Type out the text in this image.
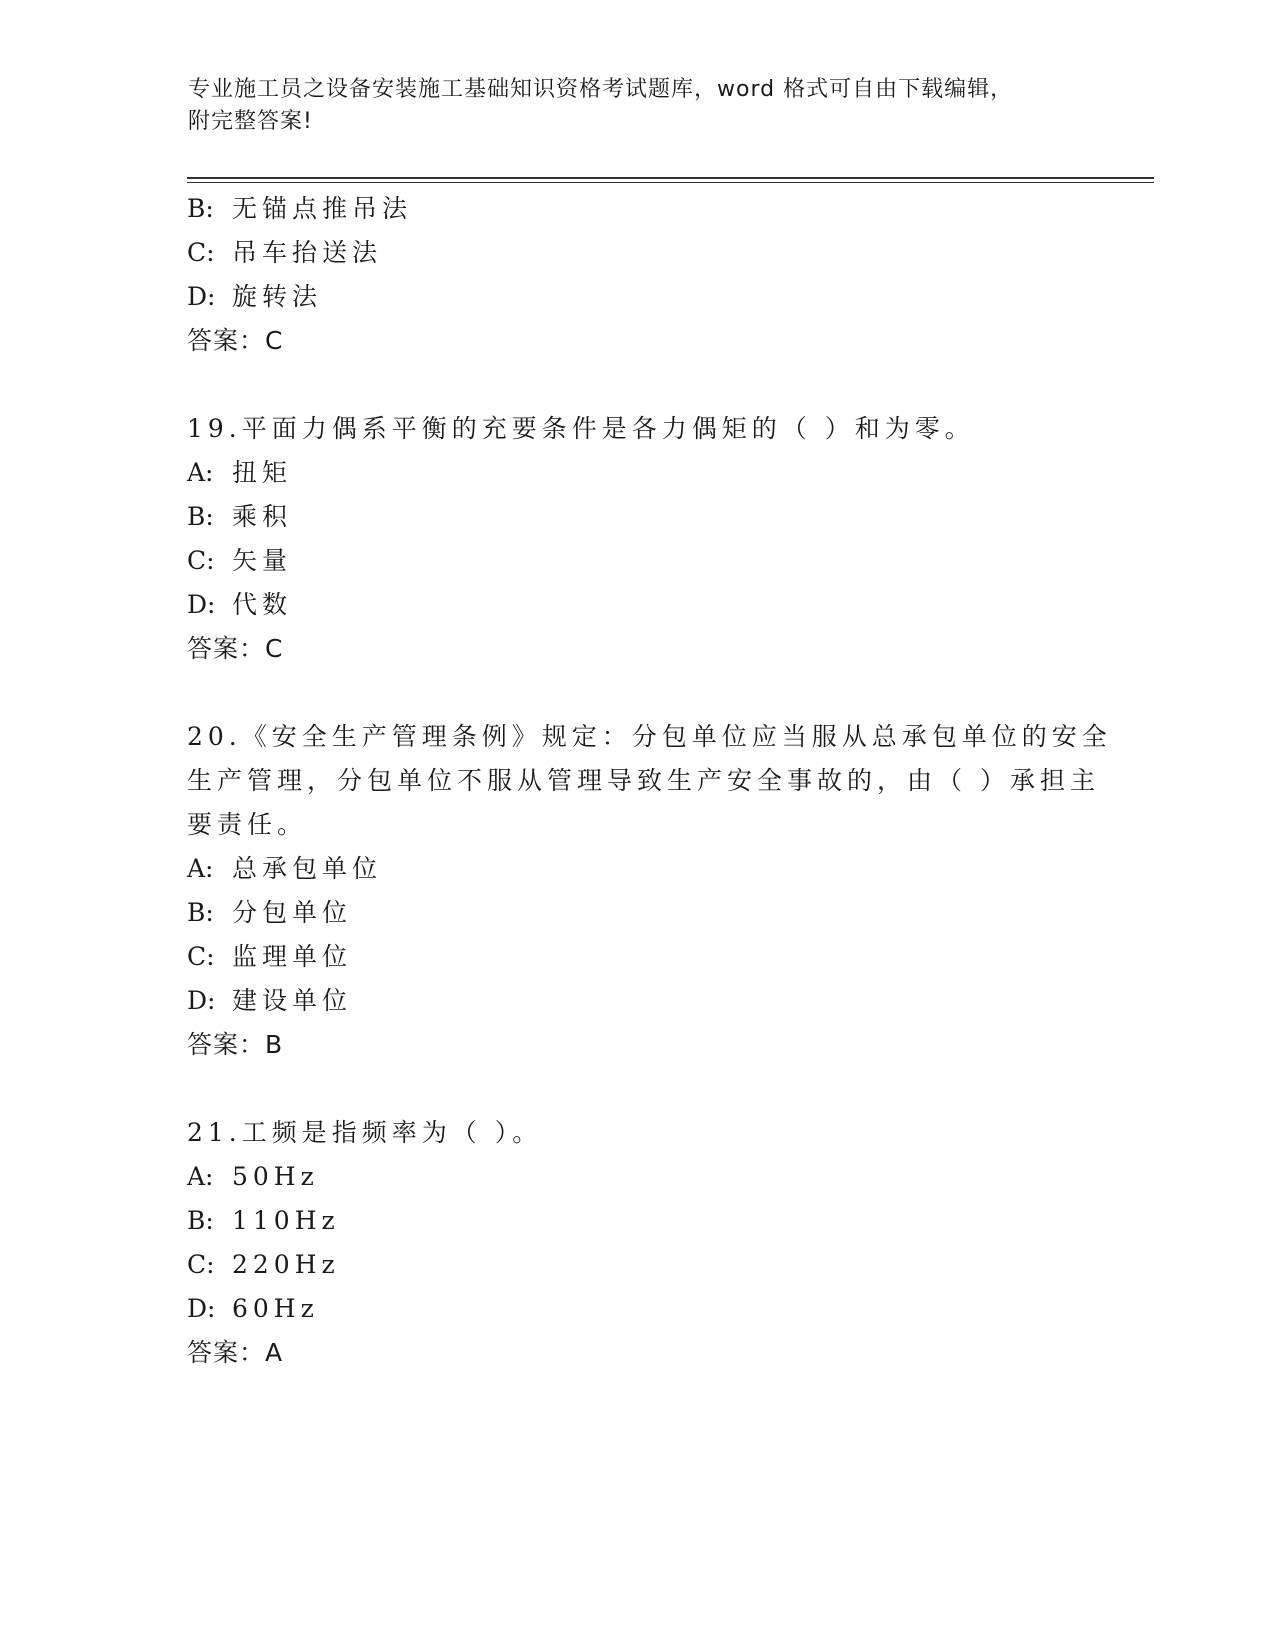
专业施工员之设备安装施工基础知识资格考试题库，word 格式可自由下载编辑，
附完整答案!
B: 无锚点推吊法
C: 吊车抬送法
D: 旋转法
答案：C
19.平面力偶系平衡的充要条件是各力偶矩的（ ）和为零。
A: 扭矩
B: 乘积
C: 矢量
D: 代数
答案：C
20.《安全生产管理条例》规定：分包单位应当服从总承包单位的安全
生产管理，分包单位不服从管理导致生产安全事故的，由（ ）承担主
要责任。
A: 总承包单位
B: 分包单位
C: 监理单位
D: 建设单位
答案：B
21.工频是指频率为（ ）。
A: 50Hz
B: 110Hz
C: 220Hz
D: 60Hz
答案：A
